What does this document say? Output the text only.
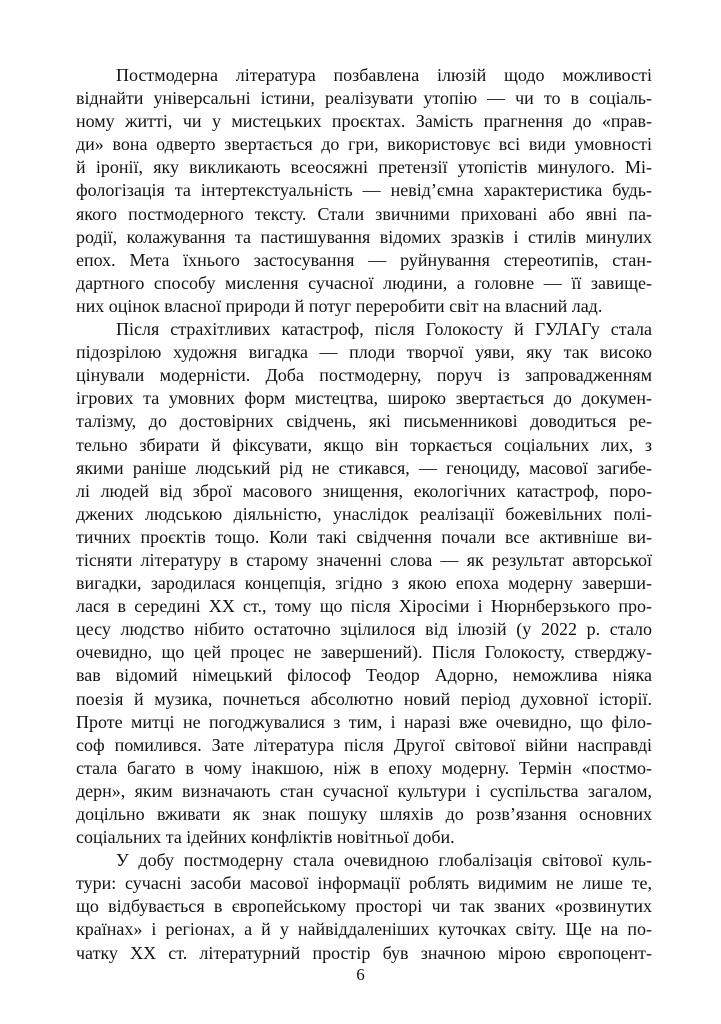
Постмодерна література позбавлена ілюзій щодо можливості
віднайти універсальні істини, реалізувати утопію — чи то в соціаль-
ному житті, чи у мистецьких проєктах. Замість прагнення до «прав-
ди» вона одверто звертається до гри, використовує всі види умовності
й іронії, яку викликають всеосяжні претензії утопістів минулого. Мі-
фологізація та інтертекстуальність — невід’ємна характеристика будь-
якого постмодерного тексту. Стали звичними приховані або явні па-
родії, колажування та пастишування відомих зразків і стилів минулих
епох. Мета їхнього застосування — руйнування стереотипів, стан-
дартного способу мислення сучасної людини, а головне — її завище-
них оцінок власної природи й потуг переробити світ на власний лад.
Після страхітливих катастроф, після Голокосту й ГУЛАГу стала
підозрілою художня вигадка — плоди творчої уяви, яку так високо
цінували модерністи. Доба постмодерну, поруч із запровадженням
ігрових та умовних форм мистецтва, широко звертається до докумен-
талізму, до достовірних свідчень, які письменникові доводиться ре-
тельно збирати й фіксувати, якщо він торкається соціальних лих, з
якими раніше людський рід не стикався, — геноциду, масової загибе-
лі людей від зброї масового знищення, екологічних катастроф, поро-
джених людською діяльністю, унаслідок реалізації божевільних полі-
тичних проєктів тощо. Коли такі свідчення почали все активніше ви-
тісняти літературу в старому значенні слова — як результат авторської
вигадки, зародилася концепція, згідно з якою епоха модерну заверши-
лася в середині XX ст., тому що після Хіросіми і Нюрнберзького про-
цесу людство нібито остаточно зцілилося від ілюзій (у 2022 р. стало
очевидно, що цей процес не завершений). Після Голокосту, стверджу-
вав відомий німецький філософ Теодор Адорно, неможлива ніяка
поезія й музика, почнеться абсолютно новий період духовної історії.
Проте митці не погоджувалися з тим, і наразі вже очевидно, що філо-
соф помилився. Зате література після Другої світової війни насправді
стала багато в чому інакшою, ніж в епоху модерну. Термін «постмо-
дерн», яким визначають стан сучасної культури і суспільства загалом,
доцільно вживати як знак пошуку шляхів до розв’язання основних
соціальних та ідейних конфліктів новітньої доби.
У добу постмодерну стала очевидною глобалізація світової куль-
тури: сучасні засоби масової інформації роблять видимим не лише те,
що відбувається в європейському просторі чи так званих «розвинутих
країнах» і регіонах, а й у найвіддаленіших куточках світу. Ще на по-
чатку XX ст. літературний простір був значною мірою європоцент-
6
